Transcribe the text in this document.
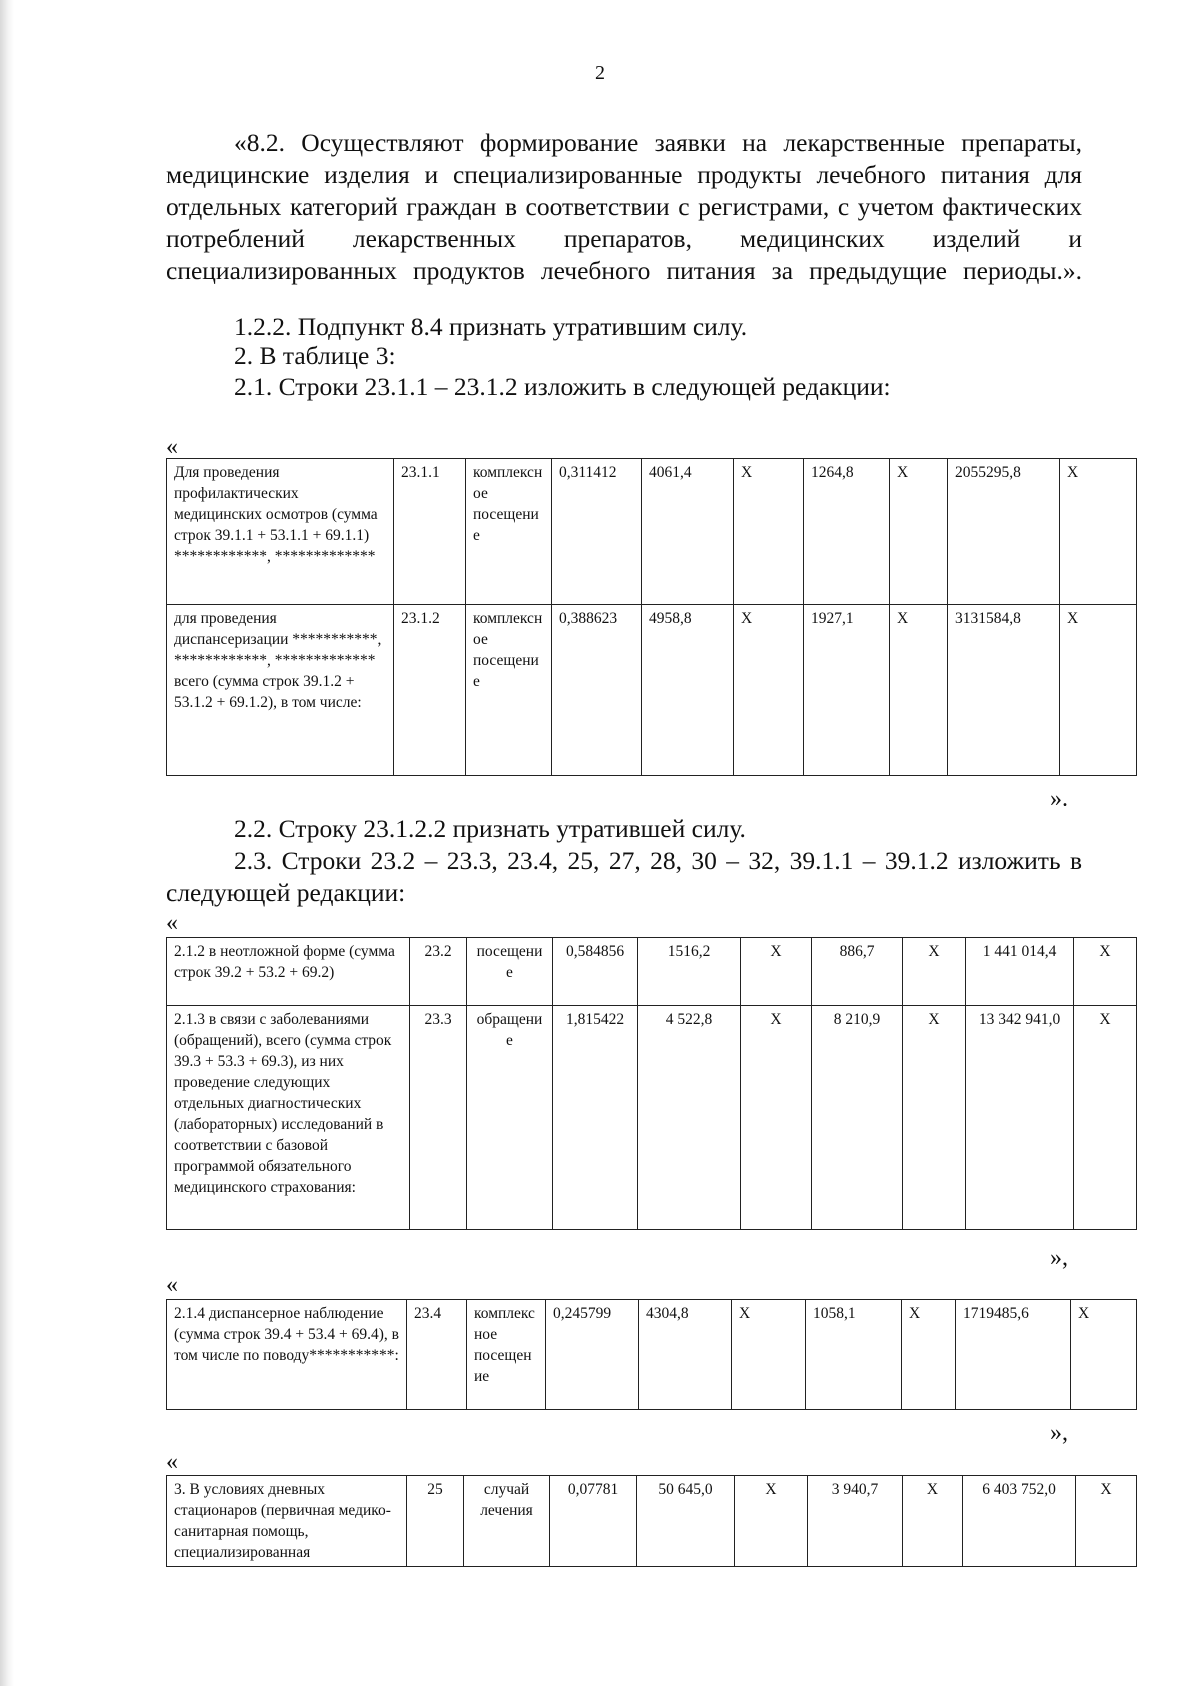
2
«8.2. Осуществляют формирование заявки на лекарственные препараты, медицинские изделия и специализированные продукты лечебного питания для отдельных категорий граждан в соответствии с регистрами, с учетом фактических потреблений лекарственных препаратов, медицинских изделий и специализированных продуктов лечебного питания за предыдущие периоды.».
1.2.2. Подпункт 8.4 признать утратившим силу.
2. В таблице 3:
2.1. Строки 23.1.1 – 23.1.2 изложить в следующей редакции:
«
Для проведения профилактических медицинских осмотров (сумма строк 39.1.1 + 53.1.1 + 69.1.1) ************, *************	23.1.1	комплексное посещение	0,311412	4061,4	Х	1264,8	Х	2055295,8	Х
для проведения диспансеризации ***********, ************, ************* всего (сумма строк 39.1.2 + 53.1.2 + 69.1.2), в том числе:	23.1.2	комплексное посещение	0,388623	4958,8	Х	1927,1	Х	3131584,8	Х
».
2.2. Строку 23.1.2.2 признать утратившей силу.
2.3. Строки 23.2 – 23.3, 23.4, 25, 27, 28, 30 – 32, 39.1.1 – 39.1.2 изложить в следующей редакции:
«
2.1.2 в неотложной форме (сумма строк 39.2 + 53.2 + 69.2)	23.2	посещение	0,584856	1516,2	Х	886,7	Х	1 441 014,4	Х
2.1.3 в связи с заболеваниями (обращений), всего (сумма строк 39.3 + 53.3 + 69.3), из них проведение следующих отдельных диагностических (лабораторных) исследований в соответствии с базовой программой обязательного медицинского страхования:	23.3	обращение	1,815422	4 522,8	Х	8 210,9	Х	13 342 941,0	Х
»,
«
2.1.4 диспансерное наблюдение (сумма строк 39.4 + 53.4 + 69.4), в том числе по поводу***********:	23.4	комплексное посещение	0,245799	4304,8	Х	1058,1	Х	1719485,6	Х
»,
«
3. В условиях дневных стационаров (первичная медико-санитарная помощь, специализированная	25	случай лечения	0,07781	50 645,0	Х	3 940,7	Х	6 403 752,0	Х
